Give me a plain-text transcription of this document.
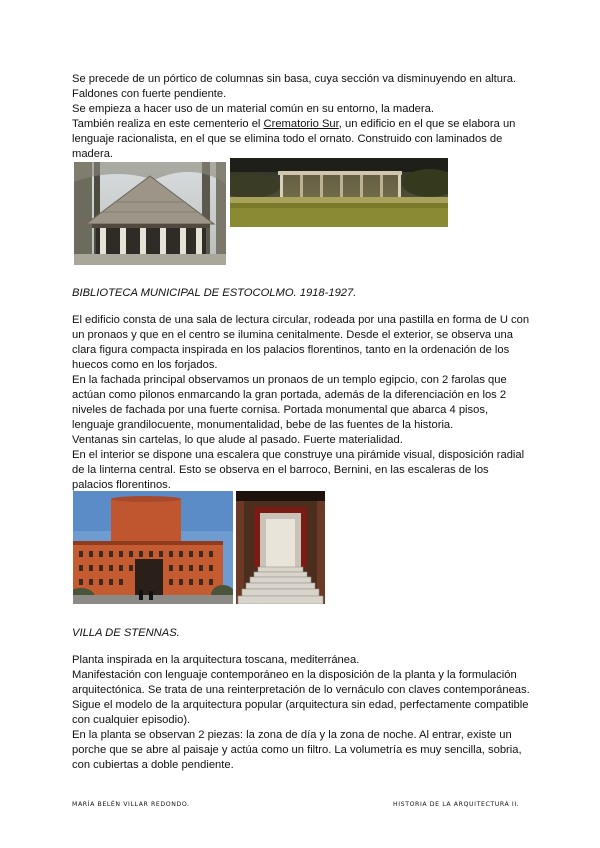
Se precede de un pórtico de columnas sin basa, cuya sección va disminuyendo en altura.

Faldones con fuerte pendiente.

Se empieza a hacer uso de un material común en su entorno, la madera.

También realiza en este cementerio el Crematorio Sur, un edificio en el que se elabora un lenguaje racionalista, en el que se elimina todo el ornato. Construido con laminados de madera.

BIBLIOTECA MUNICIPAL DE ESTOCOLMO. 1918-1927.

El edificio consta de una sala de lectura circular, rodeada por una pastilla en forma de U con un pronaos y que en el centro se ilumina cenitalmente. Desde el exterior, se observa una clara figura compacta inspirada en los palacios florentinos, tanto en la ordenación de los huecos como en los forjados.

En la fachada principal observamos un pronaos de un templo egipcio, con 2 farolas que actúan como pilonos enmarcando la gran portada, además de la diferenciación en los 2 niveles de fachada por una fuerte cornisa. Portada monumental que abarca 4 pisos, lenguaje grandilocuente, monumentalidad, bebe de las fuentes de la historia.

Ventanas sin cartelas, lo que alude al pasado. Fuerte materialidad.

En el interior se dispone una escalera que construye una pirámide visual, disposición radial de la linterna central. Esto se observa en el barroco, Bernini, en las escaleras de los palacios florentinos.

VILLA DE STENNAS.

Planta inspirada en la arquitectura toscana, mediterránea.

Manifestación con lenguaje contemporáneo en la disposición de la planta y la formulación arquitectónica. Se trata de una reinterpretación de lo vernáculo con claves contemporáneas.

Sigue el modelo de la arquitectura popular (arquitectura sin edad, perfectamente compatible con cualquier episodio).

En la planta se observan 2 piezas: la zona de día y la zona de noche. Al entrar, existe un porche que se abre al paisaje y actúa como un filtro. La volumetría es muy sencilla, sobria, con cubiertas a doble pendiente.

MARÍA BELÉN VILLAR REDONDO.	HISTORIA DE LA ARQUITECTURA II.
